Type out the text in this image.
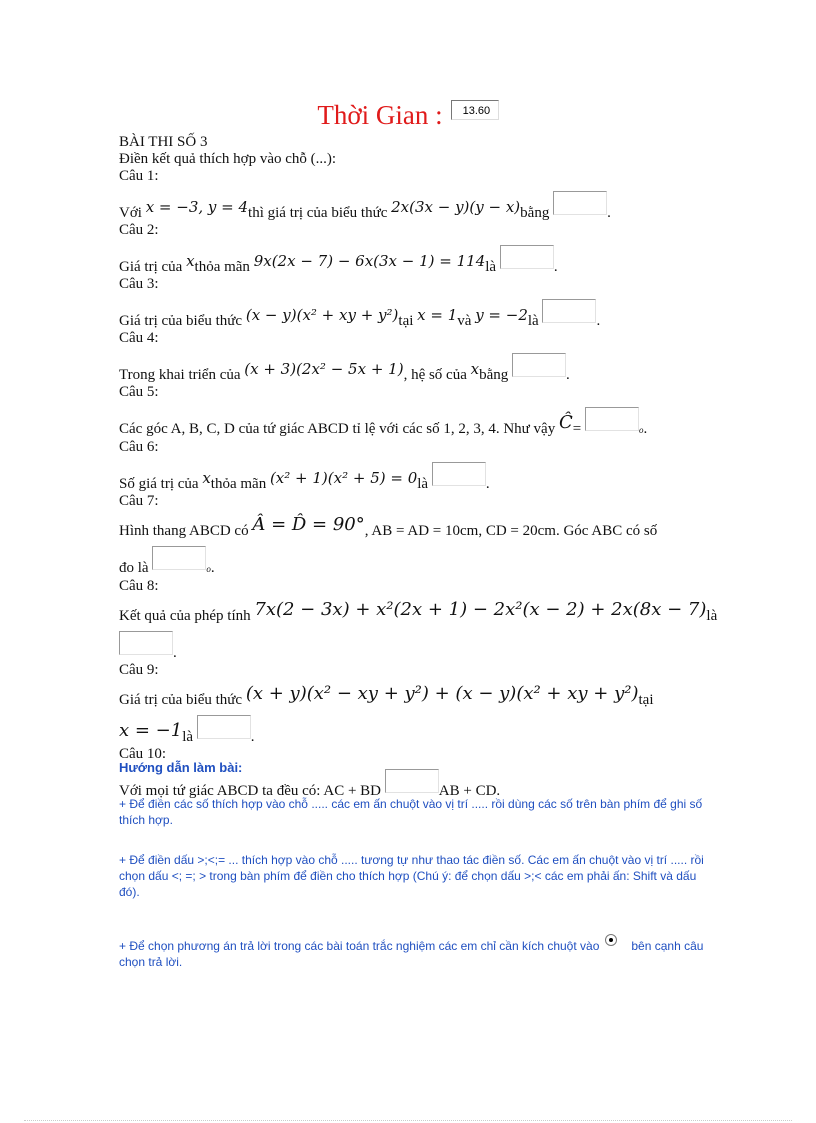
Thời Gian : 13.60
BÀI THI SỐ 3
Điền kết quả thích hợp vào chỗ (...):
Câu 1:
Với x = −3, y = 4thì giá trị của biểu thức 2x(3x − y)(y − x)bằng	.
Câu 2:
Giá trị của xthỏa mãn 9x(2x − 7) − 6x(3x − 1) = 114là	.
Câu 3:
Giá trị của biểu thức (x − y)(x² + xy + y²)tại x = 1và y = −2là	.
Câu 4:
Trong khai triển của (x + 3)(2x² − 5x + 1), hệ số của xbằng	.
Câu 5:
Các góc A, B, C, D của tứ giác ABCD tỉ lệ với các số 1, 2, 3, 4. Như vậy Ĉ=	o.
Câu 6:
Số giá trị của xthỏa mãn (x² + 1)(x² + 5) = 0là	.
Câu 7:
Hình thang ABCD có Â = D̂ = 90°, AB = AD = 10cm, CD = 20cm. Góc ABC có số
đo là	o.
Câu 8:
Kết quả của phép tính 7x(2 − 3x) + x²(2x + 1) − 2x²(x − 2) + 2x(8x − 7)là
.
Câu 9:
Giá trị của biểu thức (x + y)(x² − xy + y²) + (x − y)(x² + xy + y²)tại
x = −1là	.
Câu 10:
Với mọi tứ giác ABCD ta đều có: AC + BD	AB + CD.
Hướng dẫn làm bài:
+ Để điền các số thích hợp vào chỗ ..... các em ấn chuột vào vị trí ..... rồi dùng các số trên bàn phím để ghi số thích hợp.
+ Để điền dấu >;<;= ... thích hợp vào chỗ ..... tương tự như thao tác điền số. Các em ấn chuột vào vị trí ..... rồi chọn dấu <; =; > trong bàn phím để điền cho thích hợp (Chú ý: để chọn dấu >;< các em phải ấn: Shift và dấu đó).
+ Để chọn phương án trả lời trong các bài toán trắc nghiệm các em chỉ cần kích chuột vào	bên cạnh câu chọn trả lời.
